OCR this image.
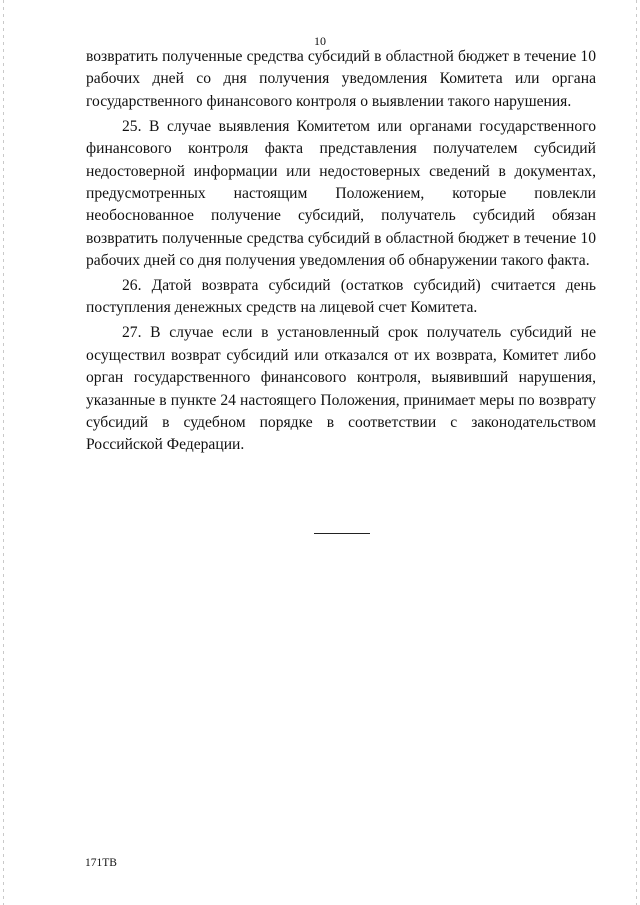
10

возвратить полученные средства субсидий в областной бюджет в течение 10 рабочих дней со дня получения уведомления Комитета или органа государственного финансового контроля о выявлении такого нарушения.

25. В случае выявления Комитетом или органами государственного финансового контроля факта представления получателем субсидий недостоверной информации или недостоверных сведений в документах, предусмотренных настоящим Положением, которые повлекли необоснованное получение субсидий, получатель субсидий обязан возвратить полученные средства субсидий в областной бюджет в течение 10 рабочих дней со дня получения уведомления об обнаружении такого факта.

26. Датой возврата субсидий (остатков субсидий) считается день поступления денежных средств на лицевой счет Комитета.

27. В случае если в установленный срок получатель субсидий не осуществил возврат субсидий или отказался от их возврата, Комитет либо орган государственного финансового контроля, выявивший нарушения, указанные в пункте 24 настоящего Положения, принимает меры по возврату субсидий в судебном порядке в соответствии с законодательством Российской Федерации.

171ТВ
